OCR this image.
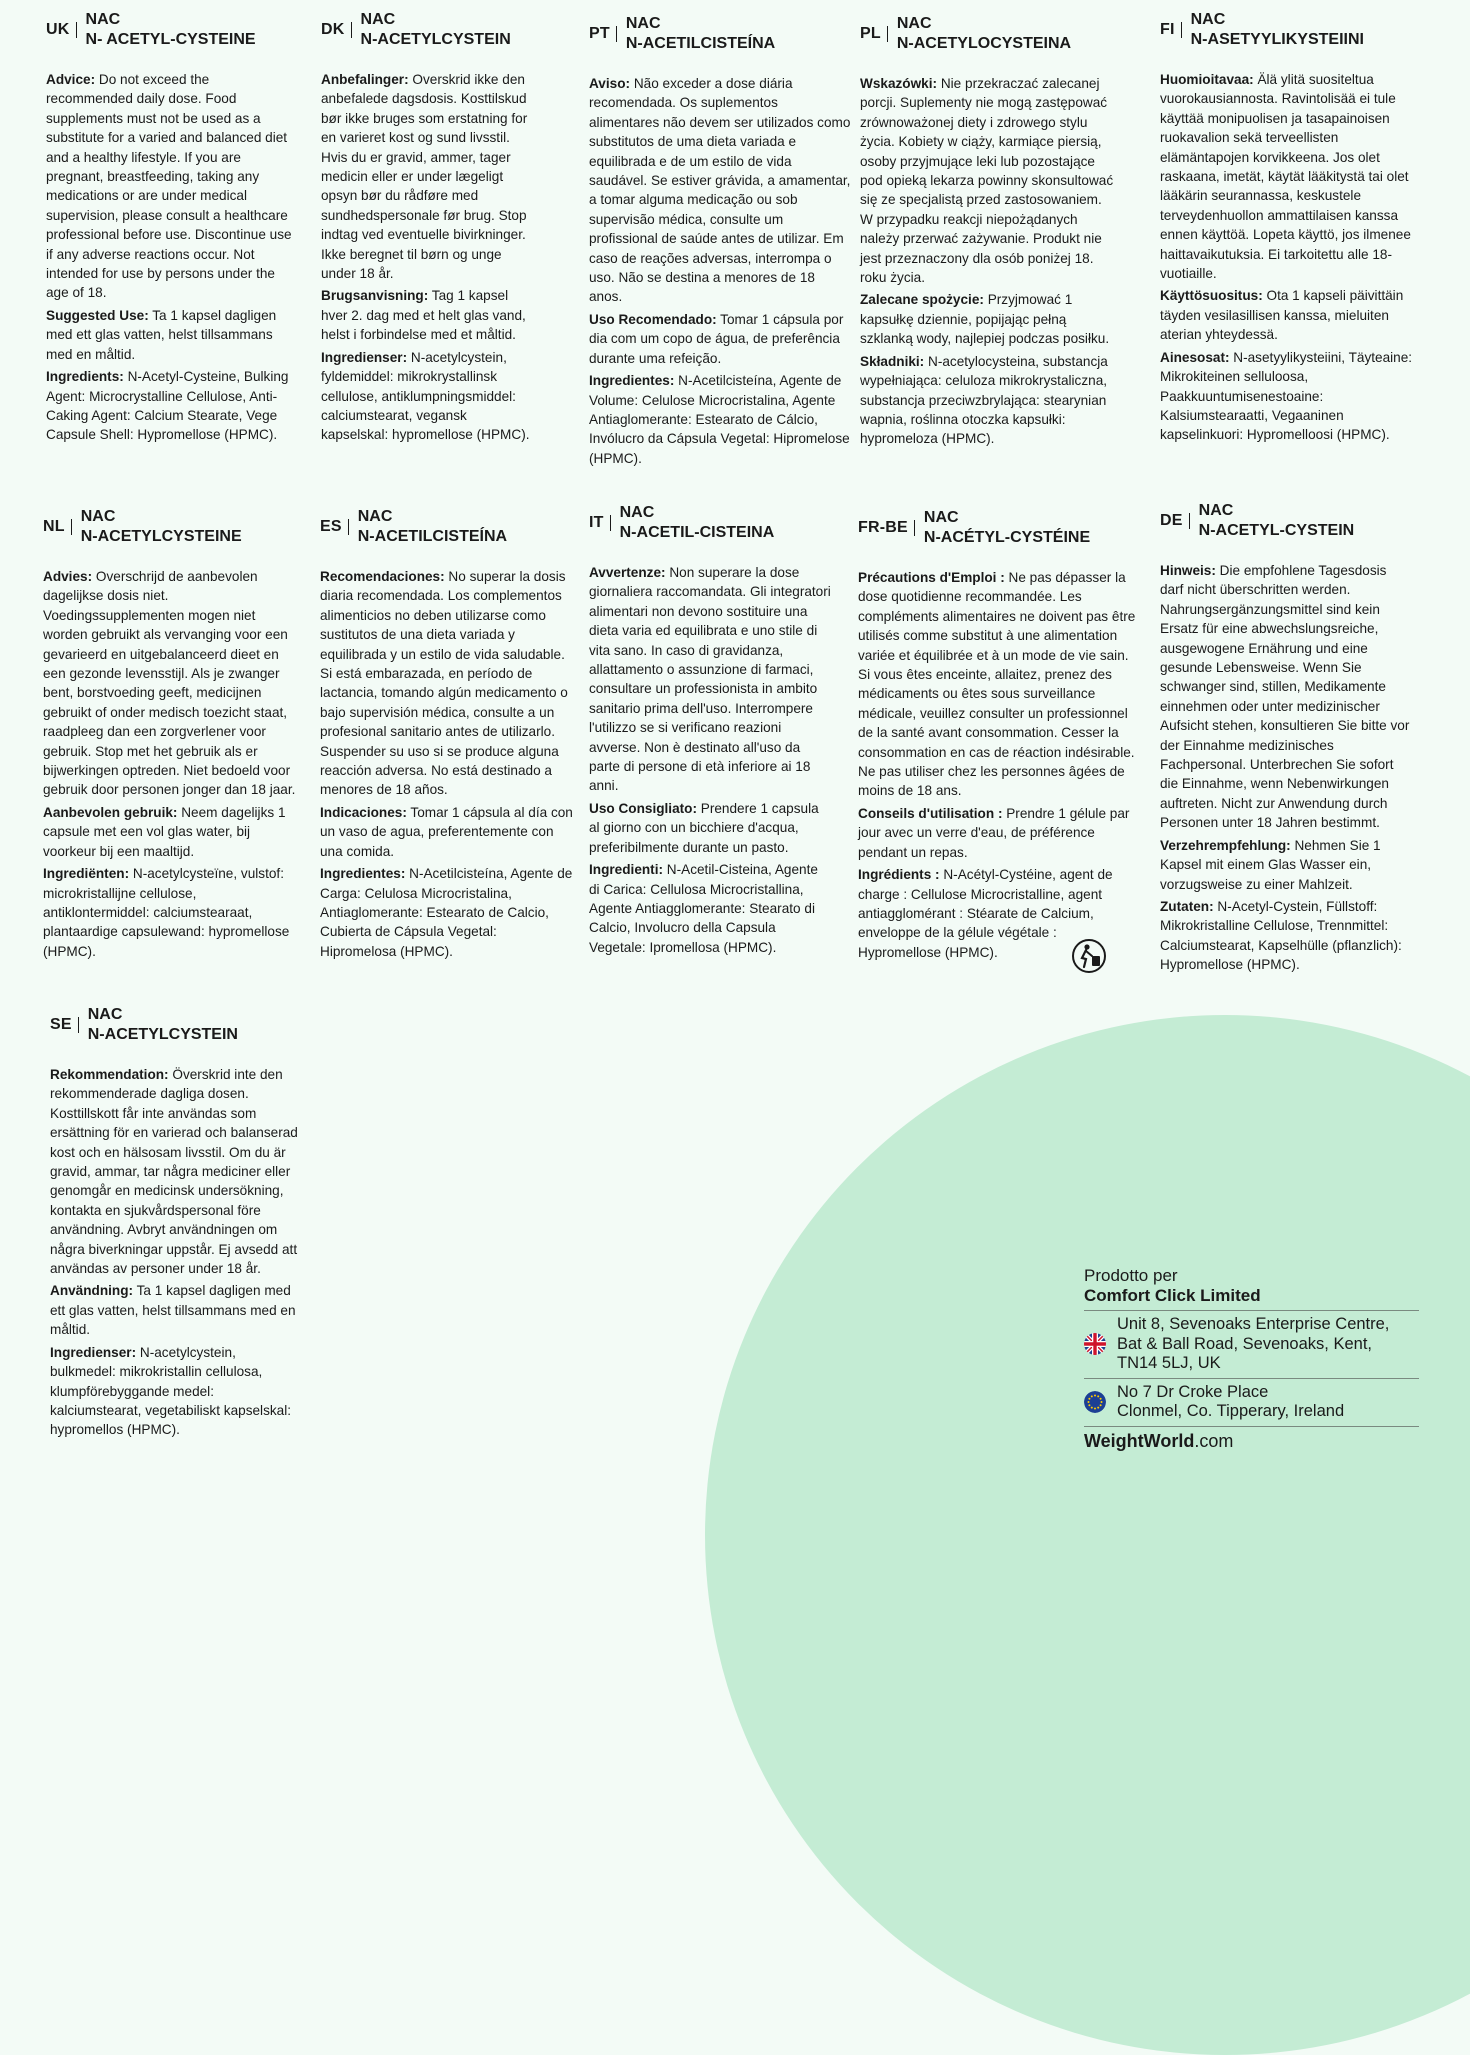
UK
NAC
N- ACETYL-CYSTEINE

Advice: Do not exceed the recommended daily dose. Food supplements must not be used as a substitute for a varied and balanced diet and a healthy lifestyle. If you are pregnant, breastfeeding, taking any medications or are under medical supervision, please consult a healthcare professional before use. Discontinue use if any adverse reactions occur. Not intended for use by persons under the age of 18.

Suggested Use: Ta 1 kapsel dagligen med ett glas vatten, helst tillsammans med en måltid.

Ingredients: N-Acetyl-Cysteine, Bulking Agent: Microcrystalline Cellulose, Anti-Caking Agent: Calcium Stearate, Vege Capsule Shell: Hypromellose (HPMC).

DK
NAC
N-ACETYLCYSTEIN

Anbefalinger: Overskrid ikke den anbefalede dagsdosis. Kosttilskud bør ikke bruges som erstatning for en varieret kost og sund livsstil. Hvis du er gravid, ammer, tager medicin eller er under lægeligt opsyn bør du rådføre med sundhedspersonale før brug. Stop indtag ved eventuelle bivirkninger. Ikke beregnet til børn og unge under 18 år.

Brugsanvisning: Tag 1 kapsel hver 2. dag med et helt glas vand, helst i forbindelse med et måltid.

Ingredienser: N-acetylcystein, fyldemiddel: mikrokrystallinsk cellulose, antiklumpningsmiddel: calciumstearat, vegansk kapselskal: hypromellose (HPMC).

PT
NAC
N-ACETILCISTEÍNA

Aviso: Não exceder a dose diária recomendada. Os suplementos alimentares não devem ser utilizados como substitutos de uma dieta variada e equilibrada e de um estilo de vida saudável. Se estiver grávida, a amamentar, a tomar alguma medicação ou sob supervisão médica, consulte um profissional de saúde antes de utilizar. Em caso de reações adversas, interrompa o uso. Não se destina a menores de 18 anos.

Uso Recomendado: Tomar 1 cápsula por dia com um copo de água, de preferência durante uma refeição.

Ingredientes: N-Acetilcisteína, Agente de Volume: Celulose Microcristalina, Agente Antiaglomerante: Estearato de Cálcio, Invólucro da Cápsula Vegetal: Hipromelose (HPMC).

PL
NAC
N-ACETYLOCYSTEINA

Wskazówki: Nie przekraczać zalecanej porcji. Suplementy nie mogą zastępować zrównoważonej diety i zdrowego stylu życia. Kobiety w ciąży, karmiące piersią, osoby przyjmujące leki lub pozostające pod opieką lekarza powinny skonsultować się ze specjalistą przed zastosowaniem. W przypadku reakcji niepożądanych należy przerwać zażywanie. Produkt nie jest przeznaczony dla osób poniżej 18. roku życia.

Zalecane spożycie: Przyjmować 1 kapsułkę dziennie, popijając pełną szklanką wody, najlepiej podczas posiłku.

Składniki: N-acetylocysteina, substancja wypełniająca: celuloza mikrokrystaliczna, substancja przeciwzbrylająca: stearynian wapnia, roślinna otoczka kapsułki: hypromeloza (HPMC).

FI
NAC
N-ASETYYLIKYSTEIINI

Huomioitavaa: Älä ylitä suositeltua vuorokausiannosta. Ravintolisää ei tule käyttää monipuolisen ja tasapainoisen ruokavalion sekä terveellisten elämäntapojen korvikkeena. Jos olet raskaana, imetät, käytät lääkitystä tai olet lääkärin seurannassa, keskustele terveydenhuollon ammattilaisen kanssa ennen käyttöä. Lopeta käyttö, jos ilmenee haittavaikutuksia. Ei tarkoitettu alle 18-vuotiaille.

Käyttösuositus: Ota 1 kapseli päivittäin täyden vesilasillisen kanssa, mieluiten aterian yhteydessä.

Ainesosat: N-asetyylikysteiini, Täyteaine: Mikrokiteinen selluloosa, Paakkuuntumisenestoaine: Kalsiumstearaatti, Vegaaninen kapselinkuori: Hypromelloosi (HPMC).

NL
NAC
N-ACETYLCYSTEINE

Advies: Overschrijd de aanbevolen dagelijkse dosis niet. Voedingssupplementen mogen niet worden gebruikt als vervanging voor een gevarieerd en uitgebalanceerd dieet en een gezonde levensstijl. Als je zwanger bent, borstvoeding geeft, medicijnen gebruikt of onder medisch toezicht staat, raadpleeg dan een zorgverlener voor gebruik. Stop met het gebruik als er bijwerkingen optreden. Niet bedoeld voor gebruik door personen jonger dan 18 jaar.

Aanbevolen gebruik: Neem dagelijks 1 capsule met een vol glas water, bij voorkeur bij een maaltijd.

Ingrediënten: N-acetylcysteïne, vulstof: microkristallijne cellulose, antiklontermiddel: calciumstearaat, plantaardige capsulewand: hypromellose (HPMC).

ES
NAC
N-ACETILCISTEÍNA

Recomendaciones: No superar la dosis diaria recomendada. Los complementos alimenticios no deben utilizarse como sustitutos de una dieta variada y equilibrada y un estilo de vida saludable. Si está embarazada, en período de lactancia, tomando algún medicamento o bajo supervisión médica, consulte a un profesional sanitario antes de utilizarlo. Suspender su uso si se produce alguna reacción adversa. No está destinado a menores de 18 años.

Indicaciones: Tomar 1 cápsula al día con un vaso de agua, preferentemente con una comida.

Ingredientes: N-Acetilcisteína, Agente de Carga: Celulosa Microcristalina, Antiaglomerante: Estearato de Calcio, Cubierta de Cápsula Vegetal: Hipromelosa (HPMC).

IT
NAC
N-ACETIL-CISTEINA

Avvertenze: Non superare la dose giornaliera raccomandata. Gli integratori alimentari non devono sostituire una dieta varia ed equilibrata e uno stile di vita sano. In caso di gravidanza, allattamento o assunzione di farmaci, consultare un professionista in ambito sanitario prima dell'uso. Interrompere l'utilizzo se si verificano reazioni avverse. Non è destinato all'uso da parte di persone di età inferiore ai 18 anni.

Uso Consigliato: Prendere 1 capsula al giorno con un bicchiere d'acqua, preferibilmente durante un pasto.

Ingredienti: N-Acetil-Cisteina, Agente di Carica: Cellulosa Microcristallina, Agente Antiagglomerante: Stearato di Calcio, Involucro della Capsula Vegetale: Ipromellosa (HPMC).

FR-BE
NAC
N-ACÉTYL-CYSTÉINE

Précautions d'Emploi : Ne pas dépasser la dose quotidienne recommandée. Les compléments alimentaires ne doivent pas être utilisés comme substitut à une alimentation variée et équilibrée et à un mode de vie sain. Si vous êtes enceinte, allaitez, prenez des médicaments ou êtes sous surveillance médicale, veuillez consulter un professionnel de la santé avant consommation. Cesser la consommation en cas de réaction indésirable. Ne pas utiliser chez les personnes âgées de moins de 18 ans.

Conseils d'utilisation : Prendre 1 gélule par jour avec un verre d'eau, de préférence pendant un repas.

Ingrédients : N-Acétyl-Cystéine, agent de charge : Cellulose Microcristalline, agent antiagglomérant : Stéarate de Calcium, enveloppe de la gélule végétale : Hypromellose (HPMC).

DE
NAC
N-ACETYL-CYSTEIN

Hinweis: Die empfohlene Tagesdosis darf nicht überschritten werden. Nahrungsergänzungsmittel sind kein Ersatz für eine abwechslungsreiche, ausgewogene Ernährung und eine gesunde Lebensweise. Wenn Sie schwanger sind, stillen, Medikamente einnehmen oder unter medizinischer Aufsicht stehen, konsultieren Sie bitte vor der Einnahme medizinisches Fachpersonal. Unterbrechen Sie sofort die Einnahme, wenn Nebenwirkungen auftreten. Nicht zur Anwendung durch Personen unter 18 Jahren bestimmt.

Verzehrempfehlung: Nehmen Sie 1 Kapsel mit einem Glas Wasser ein, vorzugsweise zu einer Mahlzeit.

Zutaten: N-Acetyl-Cystein, Füllstoff: Mikrokristalline Cellulose, Trennmittel: Calciumstearat, Kapselhülle (pflanzlich): Hypromellose (HPMC).

SE
NAC
N-ACETYLCYSTEIN

Rekommendation: Överskrid inte den rekommenderade dagliga dosen. Kosttillskott får inte användas som ersättning för en varierad och balanserad kost och en hälsosam livsstil. Om du är gravid, ammar, tar några mediciner eller genomgår en medicinsk undersökning, kontakta en sjukvårdspersonal före användning. Avbryt användningen om några biverkningar uppstår. Ej avsedd att användas av personer under 18 år.

Användning: Ta 1 kapsel dagligen med ett glas vatten, helst tillsammans med en måltid.

Ingredienser: N-acetylcystein, bulkmedel: mikrokristallin cellulosa, klumpförebyggande medel: kalciumstearat, vegetabiliskt kapselskal: hypromellos (HPMC).

Prodotto per
Comfort Click Limited
Unit 8, Sevenoaks Enterprise Centre,
Bat & Ball Road, Sevenoaks, Kent,
TN14 5LJ, UK
No 7 Dr Croke Place
Clonmel, Co. Tipperary, Ireland
WeightWorld.com
